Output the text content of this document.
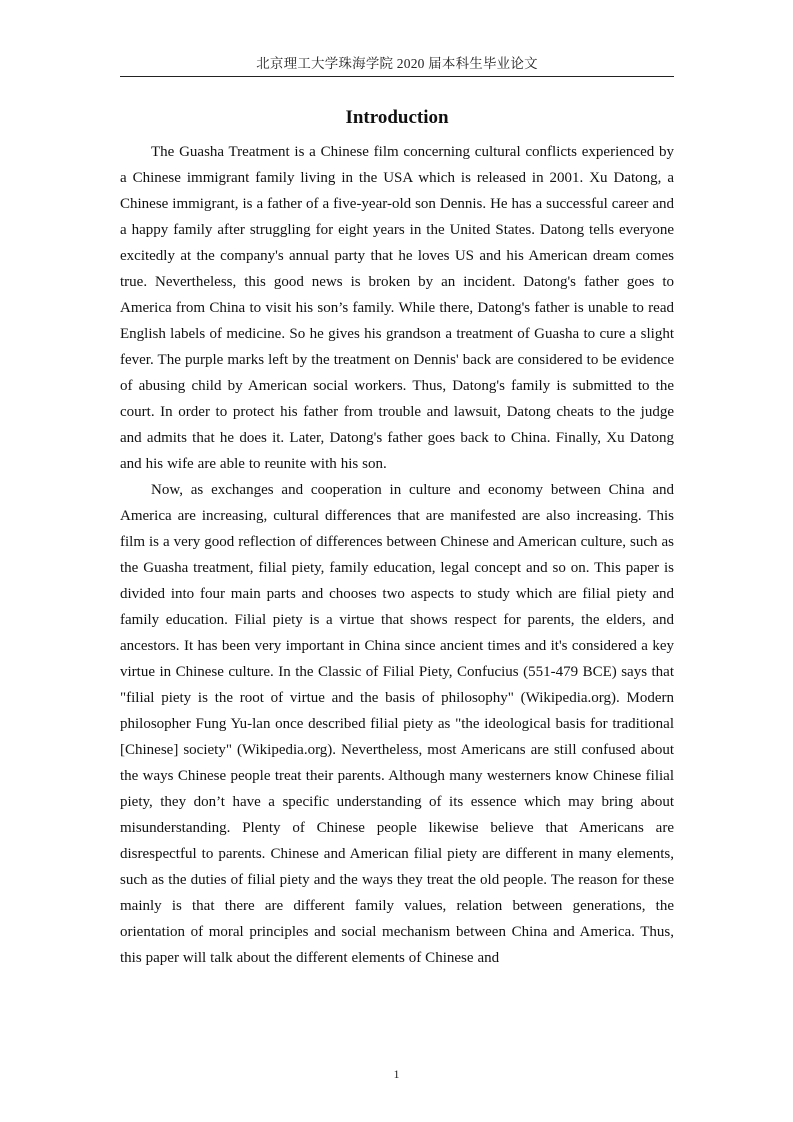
北京理工大学珠海学院 2020 届本科生毕业论文
Introduction

The Guasha Treatment is a Chinese film concerning cultural conflicts experienced by a Chinese immigrant family living in the USA which is released in 2001. Xu Datong, a Chinese immigrant, is a father of a five-year-old son Dennis. He has a successful career and a happy family after struggling for eight years in the United States. Datong tells everyone excitedly at the company's annual party that he loves US and his American dream comes true. Nevertheless, this good news is broken by an incident. Datong's father goes to America from China to visit his son’s family. While there, Datong's father is unable to read English labels of medicine. So he gives his grandson a treatment of Guasha to cure a slight fever. The purple marks left by the treatment on Dennis' back are considered to be evidence of abusing child by American social workers. Thus, Datong's family is submitted to the court. In order to protect his father from trouble and lawsuit, Datong cheats to the judge and admits that he does it. Later, Datong's father goes back to China. Finally, Xu Datong and his wife are able to reunite with his son.

Now, as exchanges and cooperation in culture and economy between China and America are increasing, cultural differences that are manifested are also increasing. This film is a very good reflection of differences between Chinese and American culture, such as the Guasha treatment, filial piety, family education, legal concept and so on. This paper is divided into four main parts and chooses two aspects to study which are filial piety and family education. Filial piety is a virtue that shows respect for parents, the elders, and ancestors. It has been very important in China since ancient times and it's considered a key virtue in Chinese culture. In the Classic of Filial Piety, Confucius (551-479 BCE) says that "filial piety is the root of virtue and the basis of philosophy" (Wikipedia.org). Modern philosopher Fung Yu-lan once described filial piety as "the ideological basis for traditional [Chinese] society" (Wikipedia.org). Nevertheless, most Americans are still confused about the ways Chinese people treat their parents. Although many westerners know Chinese filial piety, they don’t have a specific understanding of its essence which may bring about misunderstanding. Plenty of Chinese people likewise believe that Americans are disrespectful to parents. Chinese and American filial piety are different in many elements, such as the duties of filial piety and the ways they treat the old people. The reason for these mainly is that there are different family values, relation between generations, the orientation of moral principles and social mechanism between China and America. Thus, this paper will talk about the different elements of Chinese and

1
